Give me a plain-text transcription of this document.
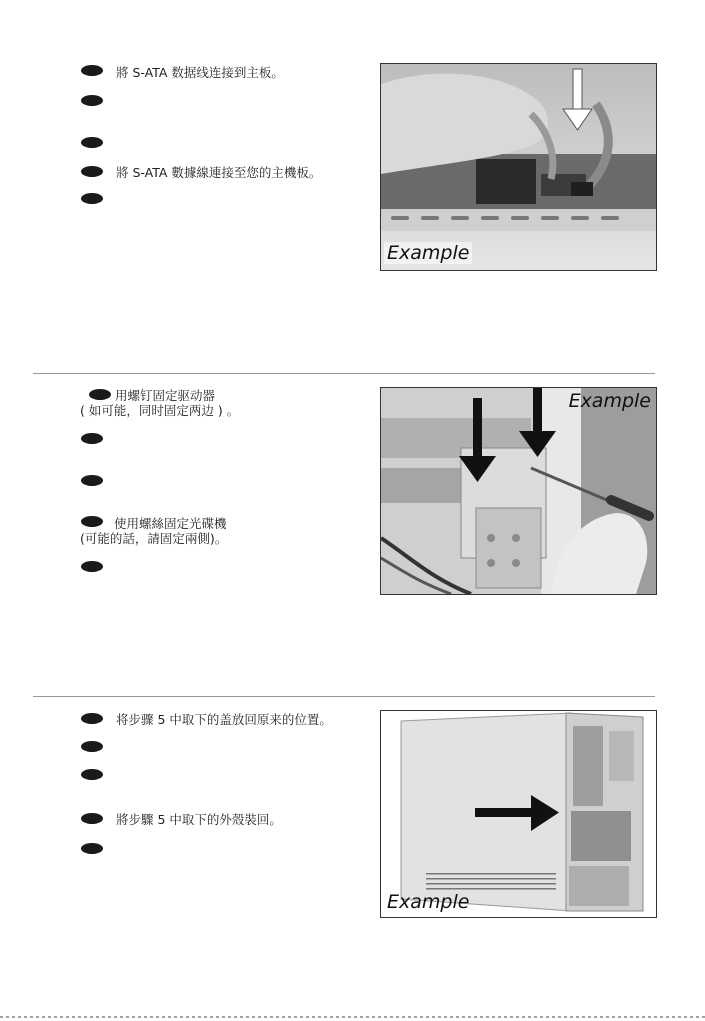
將 S-ATA 数据线连接到主板。
將 S-ATA 數據線連接至您的主機板。
Example
用螺钉固定驱动器
( 如可能，同时固定两边 ) 。
使用螺絲固定光碟機
(可能的話，請固定兩側)。
Example
将步骤 5 中取下的盖放回原来的位置。
將步驟 5 中取下的外殼裝回。
Example
